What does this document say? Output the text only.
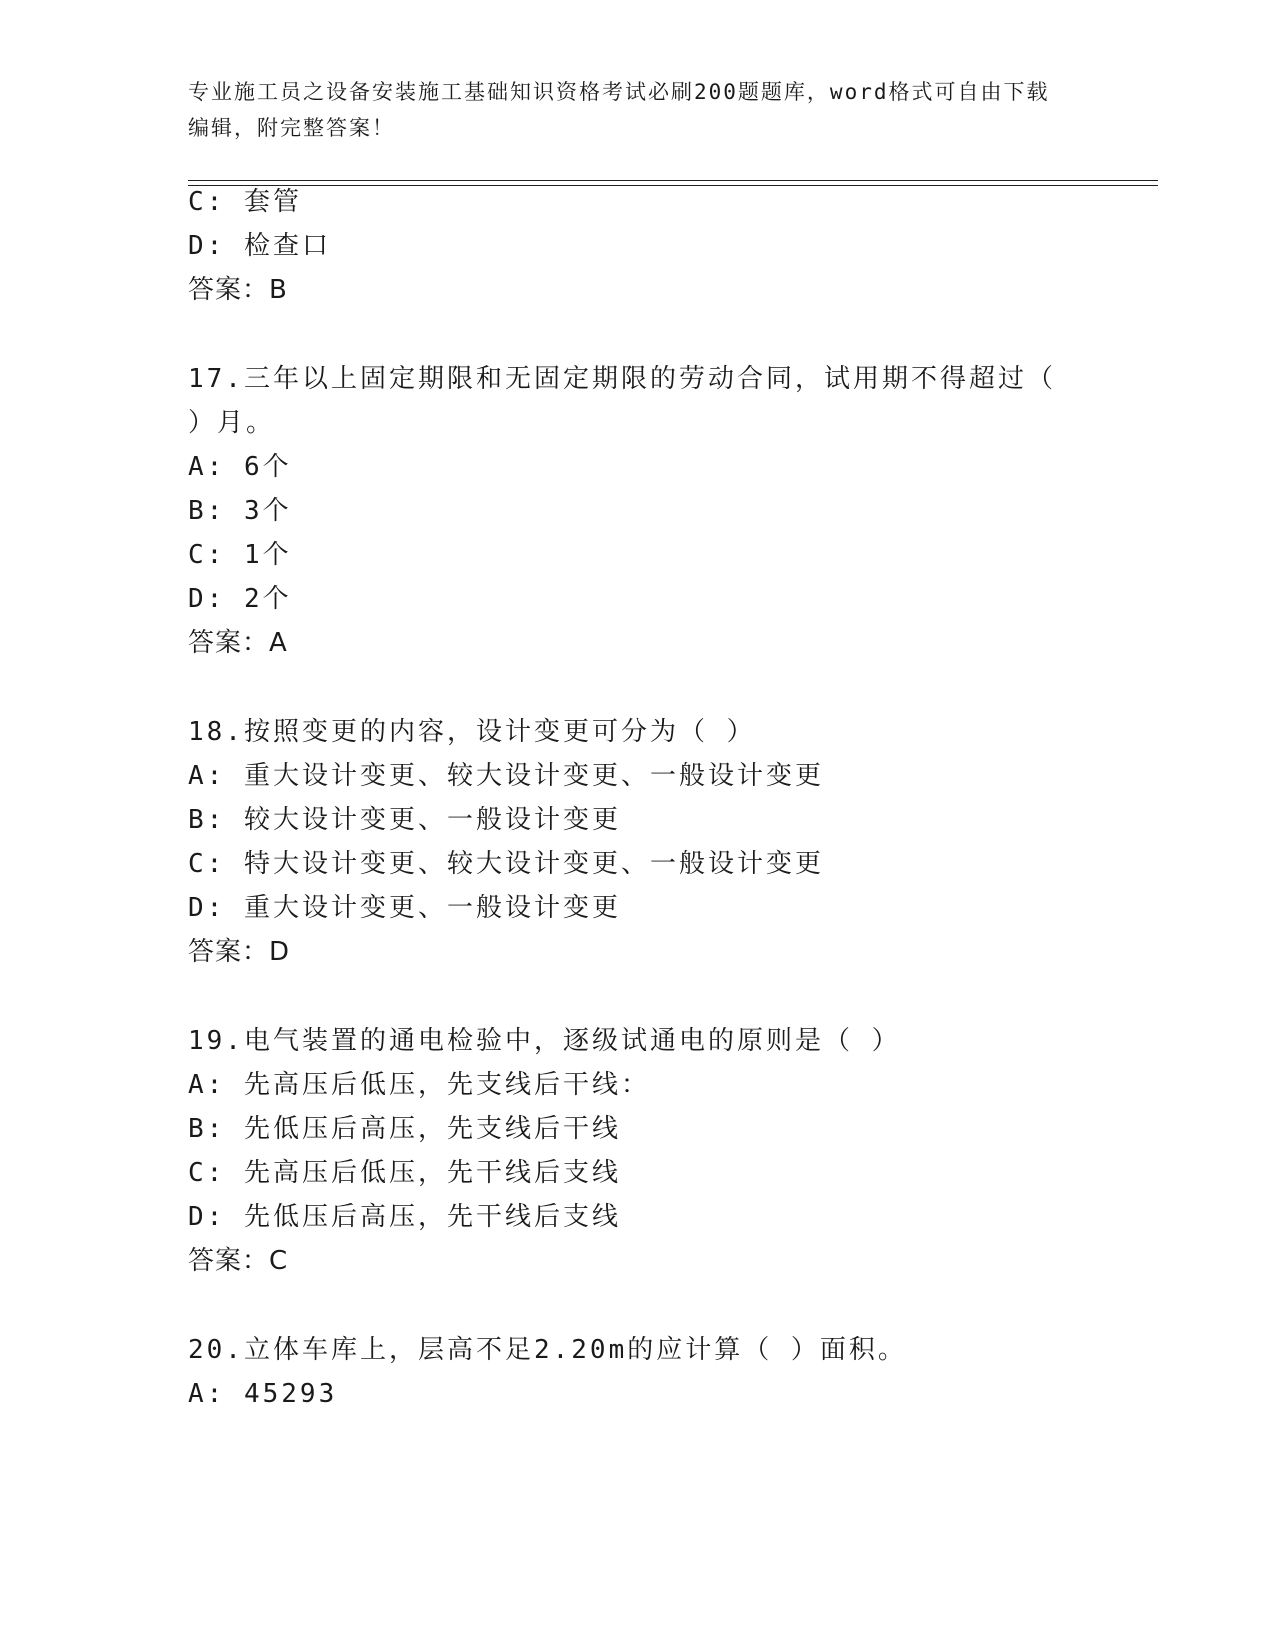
专业施工员之设备安装施工基础知识资格考试必刷200题题库，word格式可自由下载编辑，附完整答案！
C: 套管
D: 检查口
答案：B
17.三年以上固定期限和无固定期限的劳动合同，试用期不得超过（
）月。
A: 6个
B: 3个
C: 1个
D: 2个
答案：A
18.按照变更的内容，设计变更可分为（ ）
A: 重大设计变更、较大设计变更、一般设计变更
B: 较大设计变更、一般设计变更
C: 特大设计变更、较大设计变更、一般设计变更
D: 重大设计变更、一般设计变更
答案：D
19.电气装置的通电检验中，逐级试通电的原则是（ ）
A: 先高压后低压，先支线后干线：
B: 先低压后高压，先支线后干线
C: 先高压后低压，先干线后支线
D: 先低压后高压，先干线后支线
答案：C
20.立体车库上，层高不足2.20m的应计算（ ）面积。
A: 45293
